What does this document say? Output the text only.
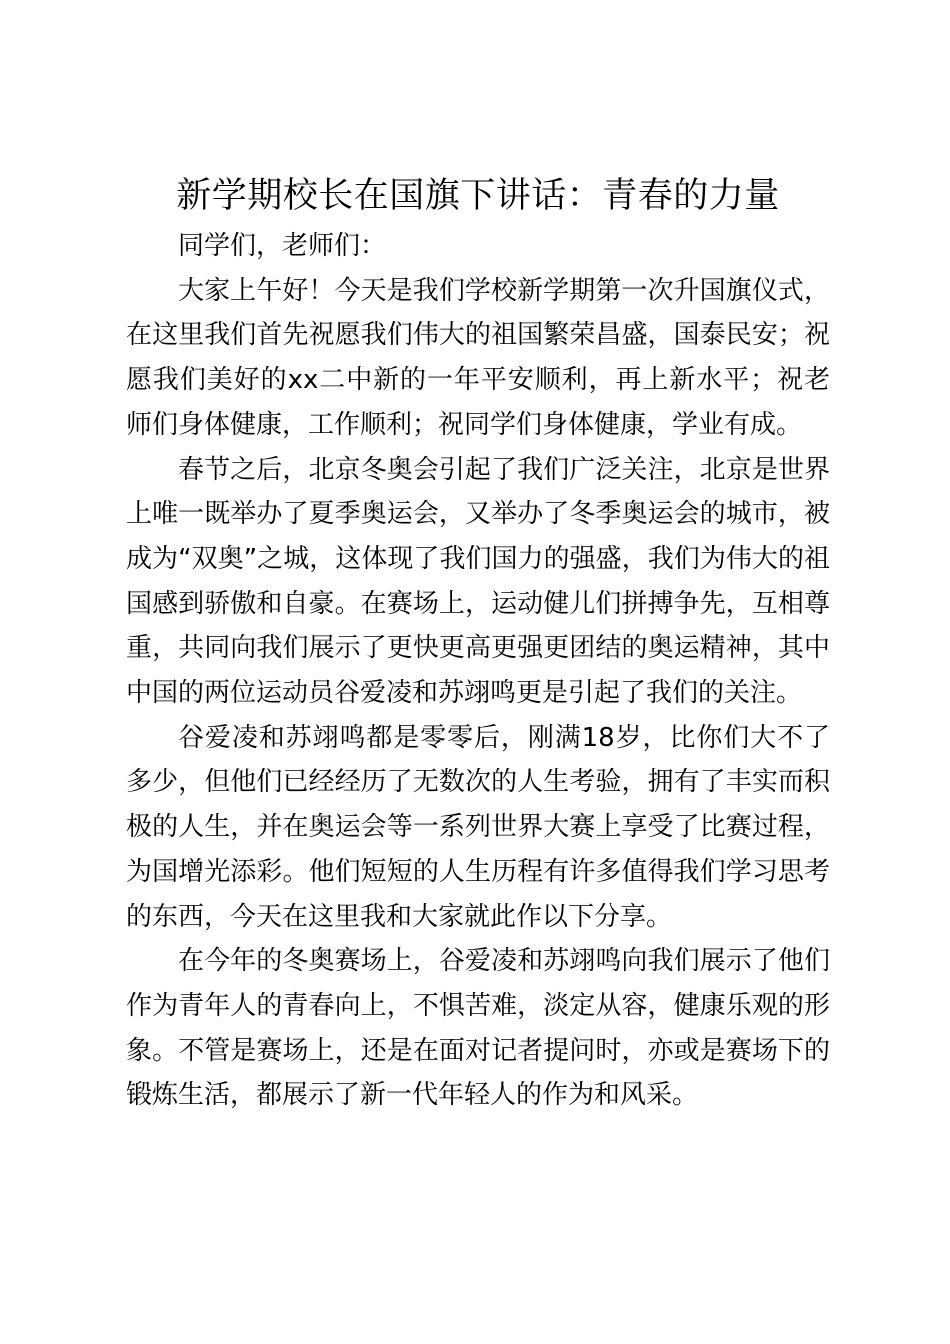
新学期校长在国旗下讲话：青春的力量

同学们，老师们：

大家上午好！今天是我们学校新学期第一次升国旗仪式，在这里我们首先祝愿我们伟大的祖国繁荣昌盛，国泰民安；祝愿我们美好的xx二中新的一年平安顺利，再上新水平；祝老师们身体健康，工作顺利；祝同学们身体健康，学业有成。

春节之后，北京冬奥会引起了我们广泛关注，北京是世界上唯一既举办了夏季奥运会，又举办了冬季奥运会的城市，被成为“双奥”之城，这体现了我们国力的强盛，我们为伟大的祖国感到骄傲和自豪。在赛场上，运动健儿们拼搏争先，互相尊重，共同向我们展示了更快更高更强更团结的奥运精神，其中中国的两位运动员谷爱凌和苏翊鸣更是引起了我们的关注。

谷爱凌和苏翊鸣都是零零后，刚满18岁，比你们大不了多少，但他们已经经历了无数次的人生考验，拥有了丰实而积极的人生，并在奥运会等一系列世界大赛上享受了比赛过程，为国增光添彩。他们短短的人生历程有许多值得我们学习思考的东西，今天在这里我和大家就此作以下分享。

在今年的冬奥赛场上，谷爱凌和苏翊鸣向我们展示了他们作为青年人的青春向上，不惧苦难，淡定从容，健康乐观的形象。不管是赛场上，还是在面对记者提问时，亦或是赛场下的锻炼生活，都展示了新一代年轻人的作为和风采。
